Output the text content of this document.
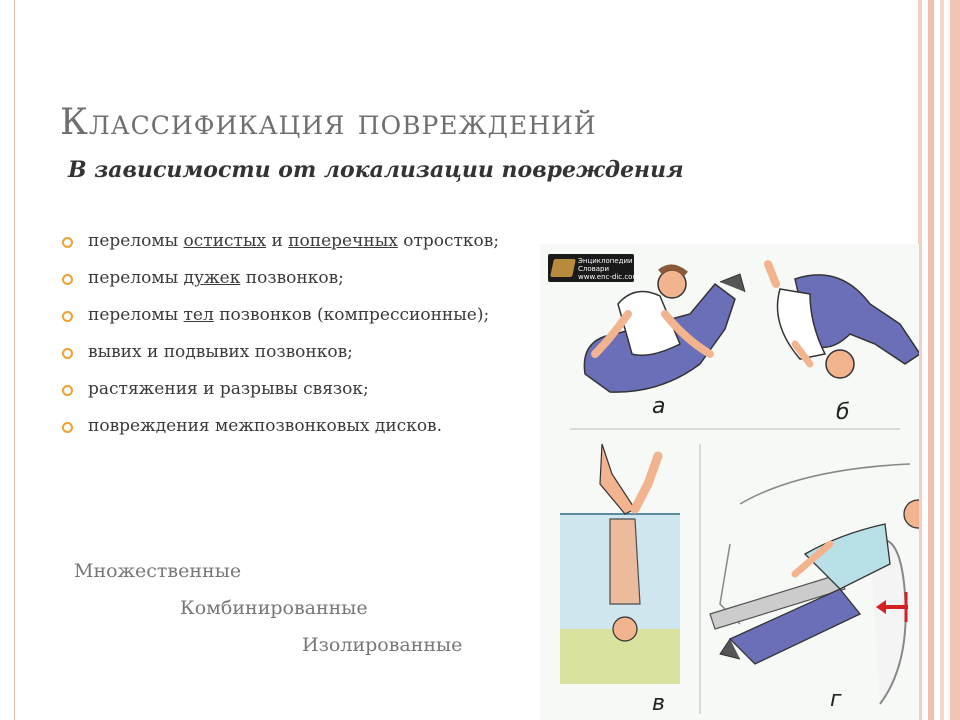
Классификация повреждений
В зависимости от локализации повреждения
переломы остистых и поперечных отростков;
переломы дужек позвонков;
переломы тел позвонков (компрессионные);
вывих и подвывих позвонков;
растяжения и разрывы связок;
повреждения межпозвонковых дисков.

Множественные

Комбинированные

Изолированные

Энциклопедии
Словари
www.enc-dic.com
а	б
в	г
